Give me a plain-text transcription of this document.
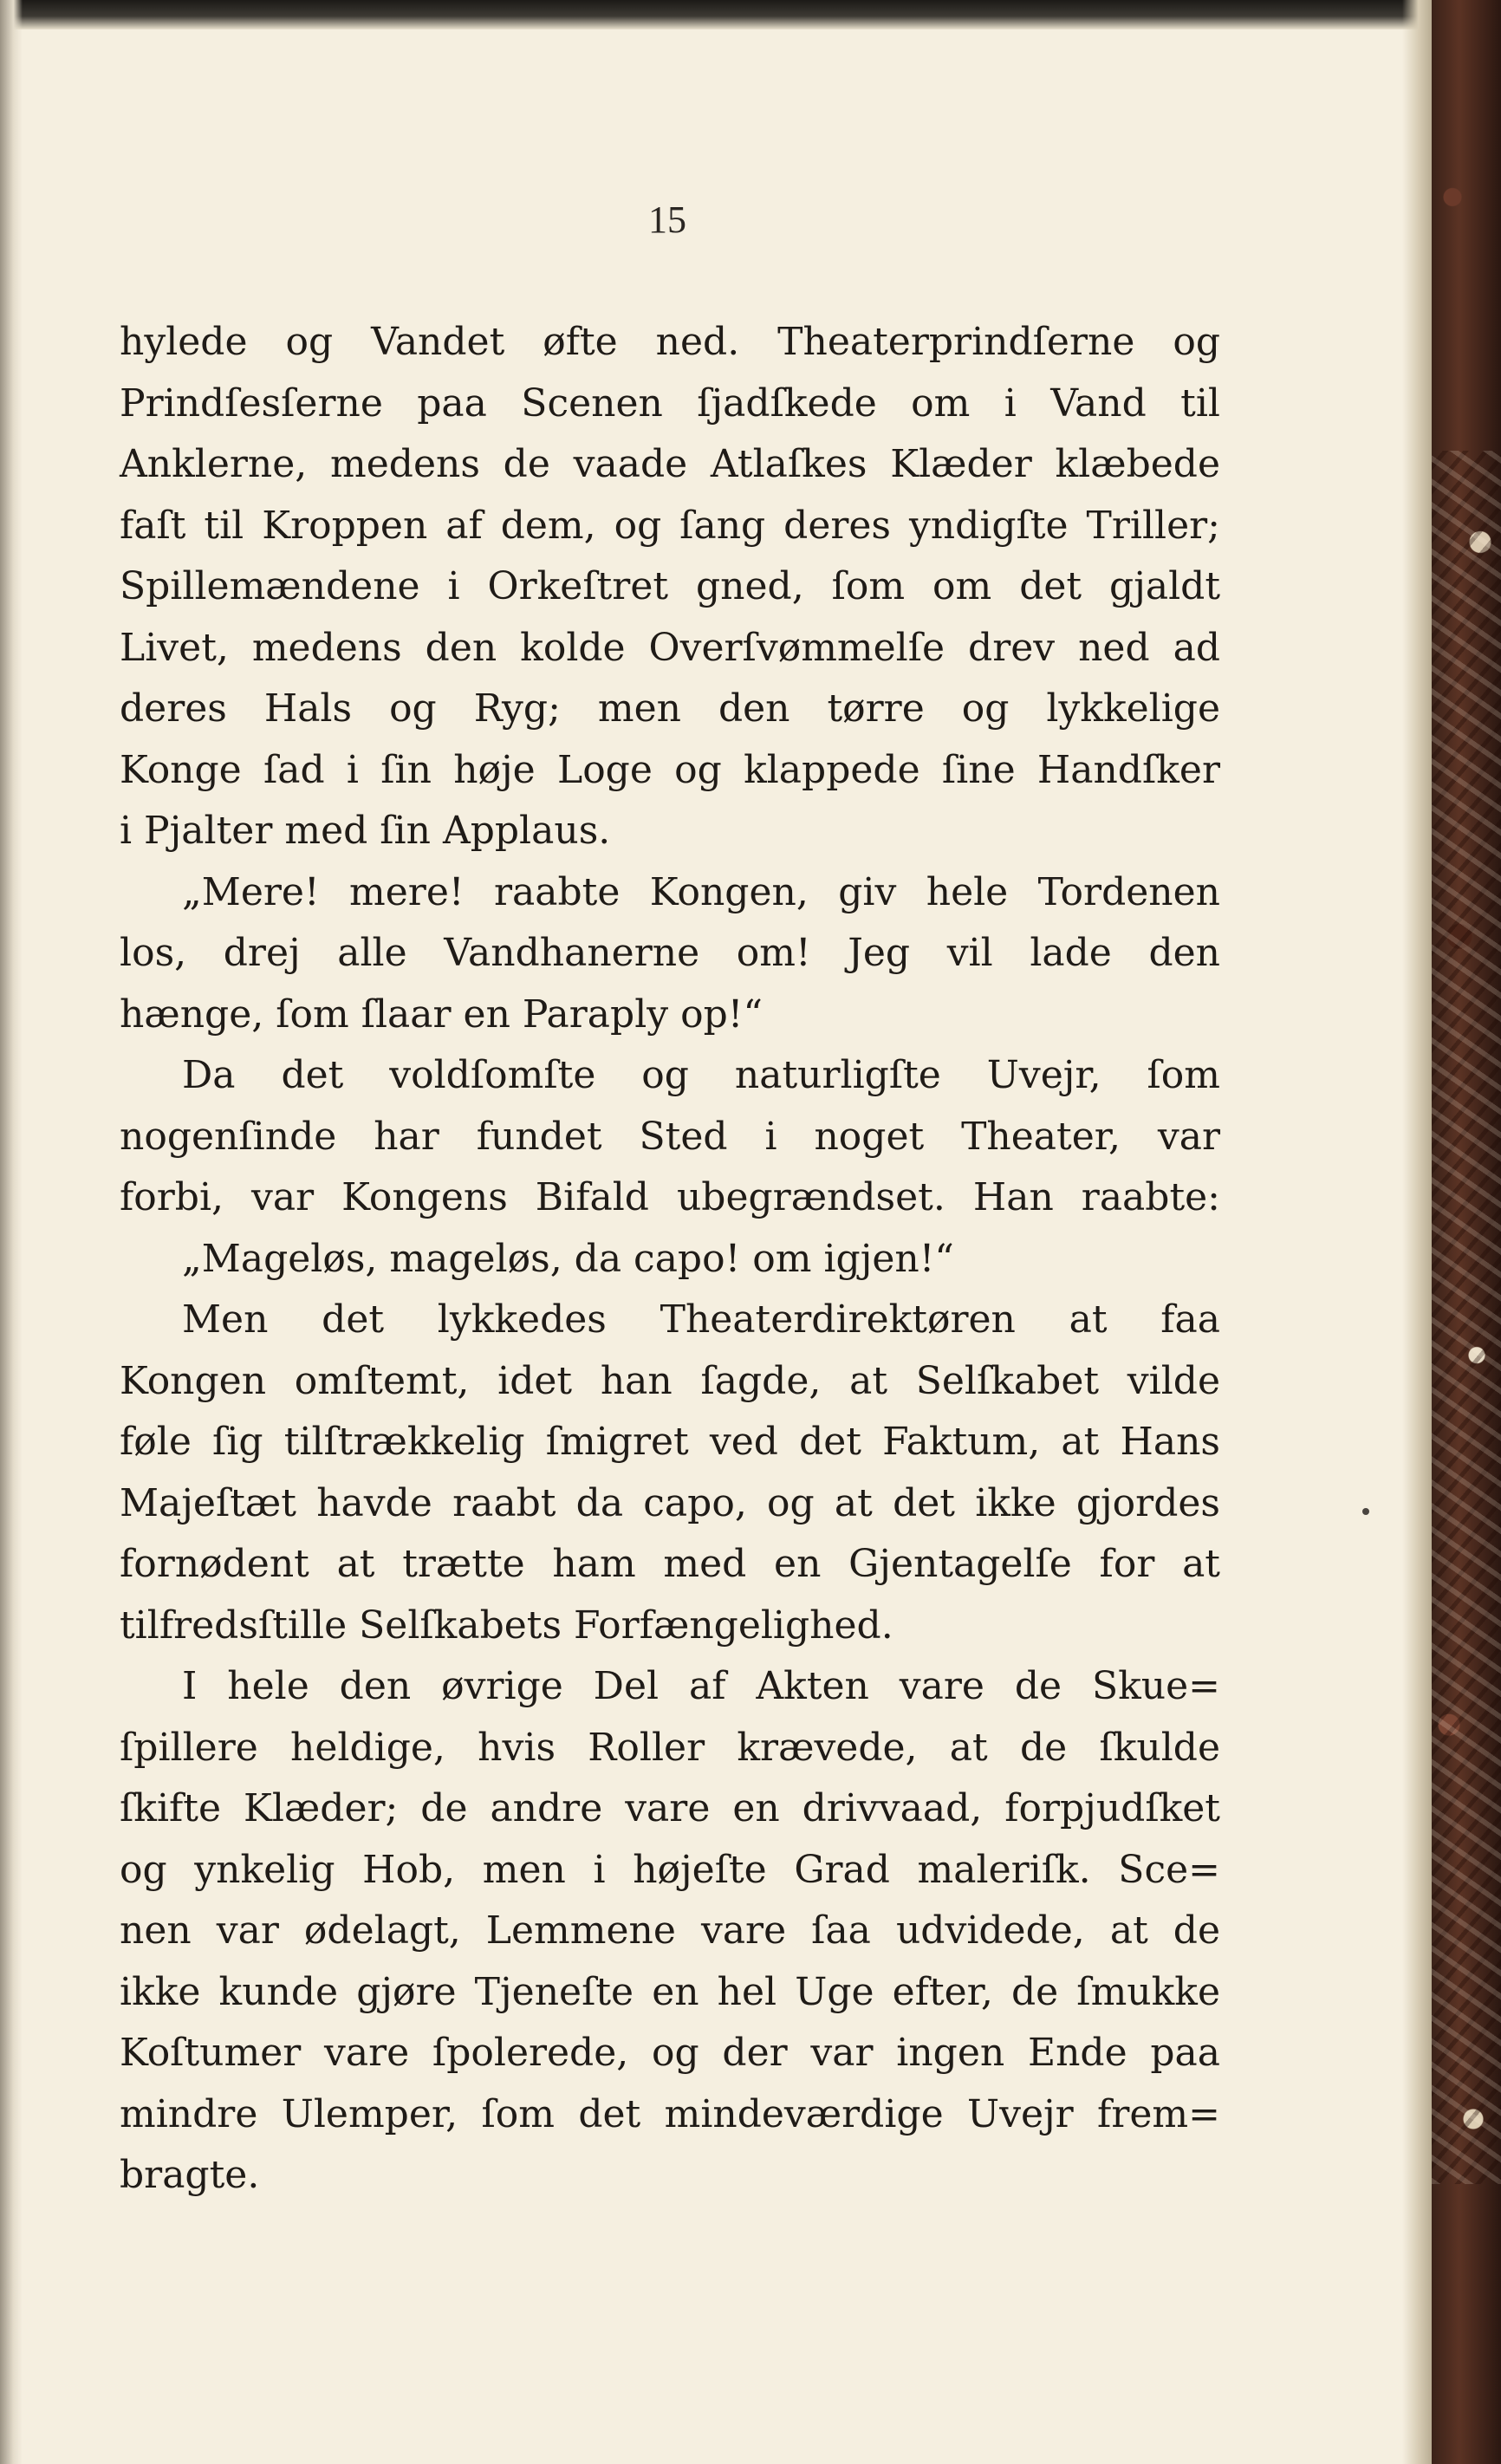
15
hylede og Vandet øfte ned. Theaterprindſerne og
Prindſesſerne paa Scenen ſjadſkede om i Vand til
Anklerne, medens de vaade Atlaſkes Klæder klæbede
faſt til Kroppen af dem, og ſang deres yndigſte Triller;
Spillemændene i Orkeſtret gned, ſom om det gjaldt
Livet, medens den kolde Overſvømmelſe drev ned ad
deres Hals og Ryg; men den tørre og lykkelige
Konge ſad i ſin høje Loge og klappede ſine Handſker
i Pjalter med ſin Applaus.
„Mere! mere! raabte Kongen, giv hele Tordenen
los, drej alle Vandhanerne om! Jeg vil lade den
hænge, ſom ſlaar en Paraply op!“
Da det voldſomſte og naturligſte Uvejr, ſom
nogenſinde har fundet Sted i noget Theater, var
forbi, var Kongens Bifald ubegrænds​et. Han raabte:
„Mageløs, mageløs, da capo! om igjen!“
Men det lykkedes Theaterdirektøren at faa
Kongen omſtemt, idet han ſagde, at Selſkabet vilde
føle ſig tilſtrækkelig ſmigret ved det Faktum, at Hans
Majeſtæt havde raabt da capo, og at det ikke gjordes
fornødent at trætte ham med en Gjentagelſe for at
tilfredsſtille Selſkabets Forfængelighed.
I hele den øvrige Del af Akten vare de Skue=
ſpillere heldige, hvis Roller krævede, at de ſkulde
ſkifte Klæder; de andre vare en drivvaad, forpjudſket
og ynkelig Hob, men i højeſte Grad maleriſk. Sce=
nen var ødelagt, Lemmene vare ſaa udvidede, at de
ikke kunde gjøre Tjeneſte en hel Uge efter, de ſmukke
Koſtumer vare ſpolerede, og der var ingen Ende paa
mindre Ulemper, ſom det mindeværdige Uvejr frem=
bragte.
